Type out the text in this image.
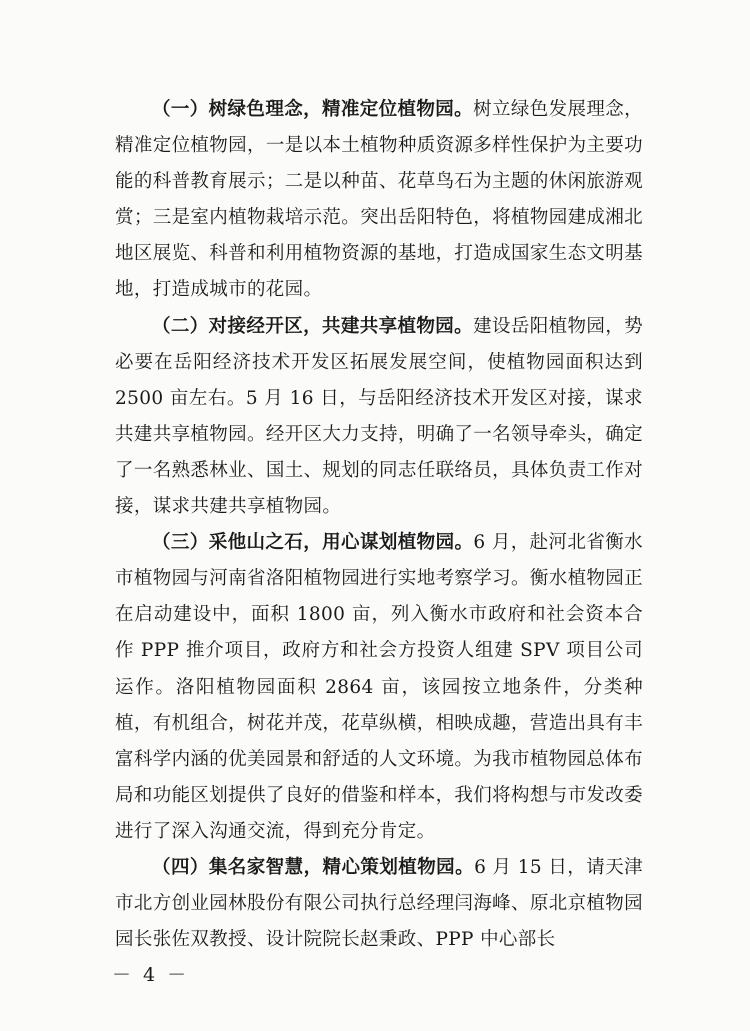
（一）树绿色理念，精准定位植物园。树立绿色发展理念，精准定位植物园，一是以本土植物种质资源多样性保护为主要功能的科普教育展示；二是以种苗、花草鸟石为主题的休闲旅游观赏；三是室内植物栽培示范。突出岳阳特色，将植物园建成湘北地区展览、科普和利用植物资源的基地，打造成国家生态文明基地，打造成城市的花园。

（二）对接经开区，共建共享植物园。建设岳阳植物园，势必要在岳阳经济技术开发区拓展发展空间，使植物园面积达到 2500 亩左右。5 月 16 日，与岳阳经济技术开发区对接，谋求共建共享植物园。经开区大力支持，明确了一名领导牵头，确定了一名熟悉林业、国土、规划的同志任联络员，具体负责工作对接，谋求共建共享植物园。

（三）采他山之石，用心谋划植物园。6 月，赴河北省衡水市植物园与河南省洛阳植物园进行实地考察学习。衡水植物园正在启动建设中，面积 1800 亩，列入衡水市政府和社会资本合作 PPP 推介项目，政府方和社会方投资人组建 SPV 项目公司运作。洛阳植物园面积 2864 亩，该园按立地条件，分类种植，有机组合，树花并茂，花草纵横，相映成趣，营造出具有丰富科学内涵的优美园景和舒适的人文环境。为我市植物园总体布局和功能区划提供了良好的借鉴和样本，我们将构想与市发改委进行了深入沟通交流，得到充分肯定。

（四）集名家智慧，精心策划植物园。6 月 15 日，请天津市北方创业园林股份有限公司执行总经理闫海峰、原北京植物园园长张佐双教授、设计院院长赵秉政、PPP 中心部长

－ 4 －
